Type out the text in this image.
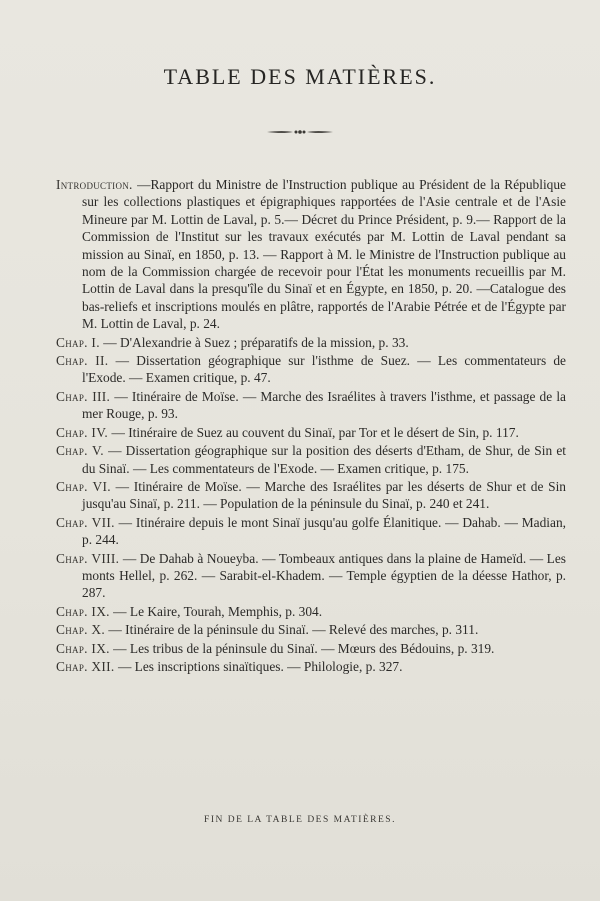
TABLE DES MATIÈRES.

Introduction. —Rapport du Ministre de l'Instruction publique au Président de la République sur les collections plastiques et épigraphiques rapportées de l'Asie centrale et de l'Asie Mineure par M. Lottin de Laval, p. 5.— Décret du Prince Président, p. 9.— Rapport de la Commission de l'Institut sur les travaux exécutés par M. Lottin de Laval pendant sa mission au Sinaï, en 1850, p. 13. — Rapport à M. le Ministre de l'Instruction publique au nom de la Commission chargée de recevoir pour l'État les monuments recueillis par M. Lottin de Laval dans la presqu'île du Sinaï et en Égypte, en 1850, p. 20. —Catalogue des bas-reliefs et inscriptions moulés en plâtre, rapportés de l'Arabie Pétrée et de l'Égypte par M. Lottin de Laval, p. 24.

Chap. I. — D'Alexandrie à Suez ; préparatifs de la mission, p. 33.

Chap. II. — Dissertation géographique sur l'isthme de Suez. — Les commentateurs de l'Exode. — Examen critique, p. 47.

Chap. III. — Itinéraire de Moïse. — Marche des Israélites à travers l'isthme, et passage de la mer Rouge, p. 93.

Chap. IV. — Itinéraire de Suez au couvent du Sinaï, par Tor et le désert de Sin, p. 117.

Chap. V. — Dissertation géographique sur la position des déserts d'Etham, de Shur, de Sin et du Sinaï. — Les commentateurs de l'Exode. — Examen critique, p. 175.

Chap. VI. — Itinéraire de Moïse. — Marche des Israélites par les déserts de Shur et de Sin jusqu'au Sinaï, p. 211. — Population de la péninsule du Sinaï, p. 240 et 241.

Chap. VII. — Itinéraire depuis le mont Sinaï jusqu'au golfe Élanitique. — Dahab. — Madian, p. 244.

Chap. VIII. — De Dahab à Noueyba. — Tombeaux antiques dans la plaine de Hameïd. — Les monts Hellel, p. 262. — Sarabit-el-Khadem. — Temple égyptien de la déesse Hathor, p. 287.

Chap. IX. — Le Kaire, Tourah, Memphis, p. 304.

Chap. X. — Itinéraire de la péninsule du Sinaï. — Relevé des marches, p. 311.

Chap. IX. — Les tribus de la péninsule du Sinaï. — Mœurs des Bédouins, p. 319.

Chap. XII. — Les inscriptions sinaïtiques. — Philologie, p. 327.

FIN DE LA TABLE DES MATIÈRES.
